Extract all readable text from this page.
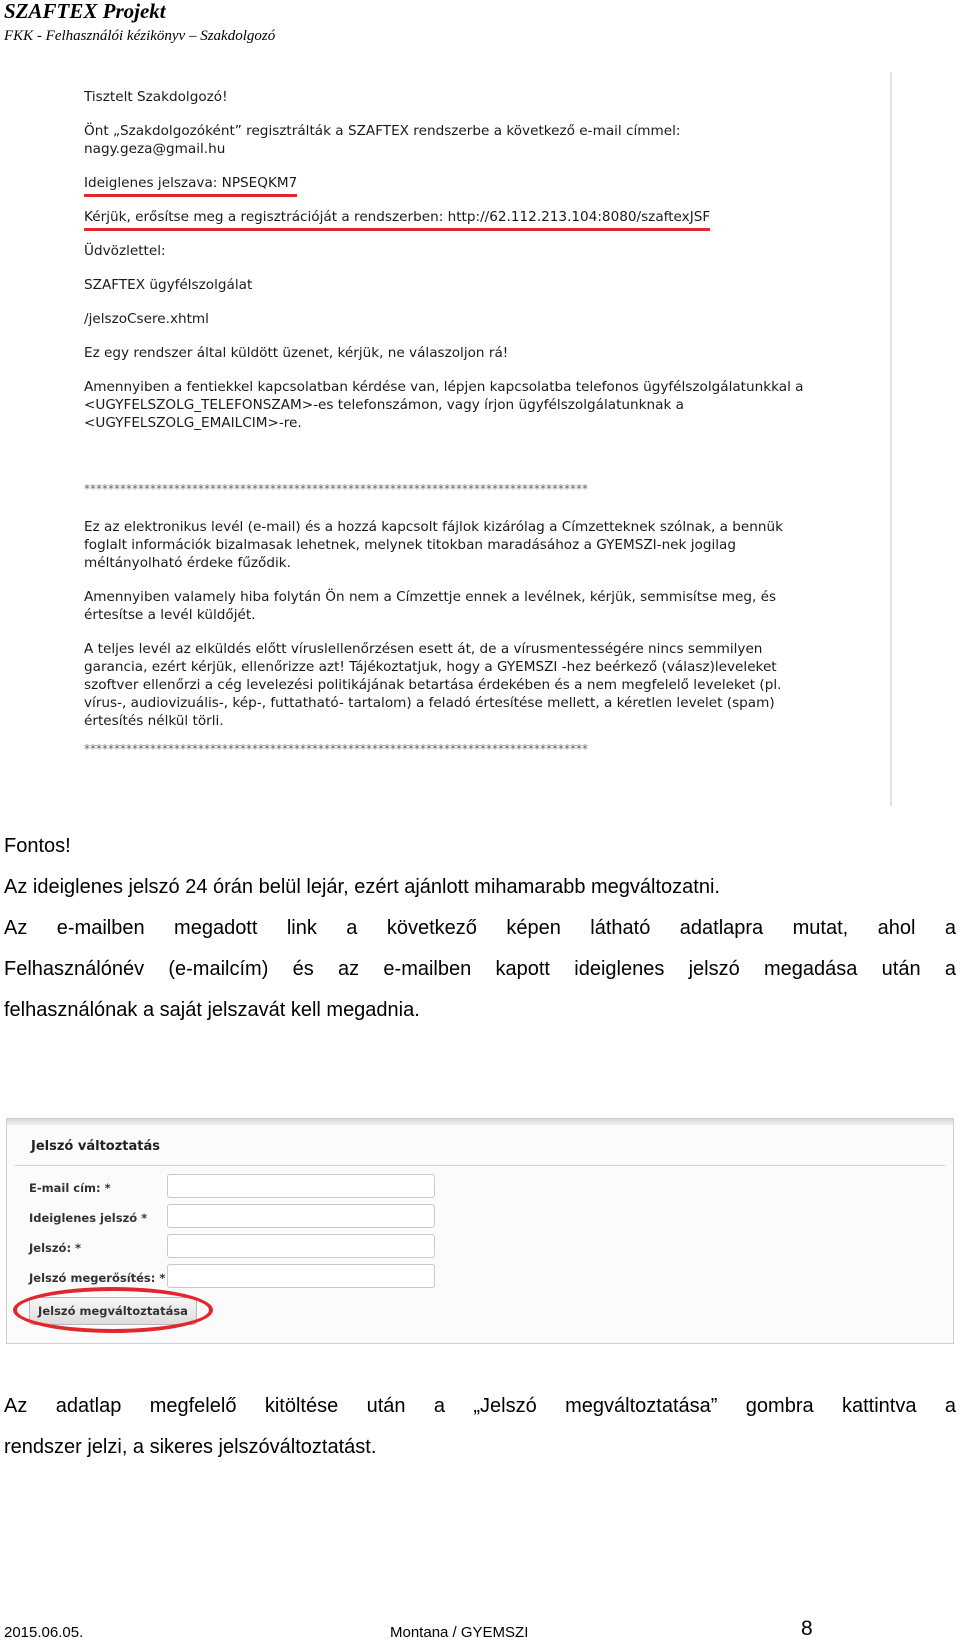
SZAFTEX Projekt
FKK - Felhasználói kézikönyv – Szakdolgozó
Tisztelt Szakdolgozó!
Önt „Szakdolgozóként” regisztrálták a SZAFTEX rendszerbe a következő e-mail címmel:
nagy.geza@gmail.hu
Ideiglenes jelszava: NPSEQKM7
Kérjük, erősítse meg a regisztrációját a rendszerben: http://62.112.213.104:8080/szaftexJSF
Üdvözlettel:
SZAFTEX ügyfélszolgálat
/jelszoCsere.xhtml
Ez egy rendszer által küldött üzenet, kérjük, ne válaszoljon rá!
Amennyiben a fentiekkel kapcsolatban kérdése van, lépjen kapcsolatba telefonos ügyfélszolgálatunkkal a
<UGYFELSZOLG_TELEFONSZAM>-es telefonszámon, vagy írjon ügyfélszolgálatunknak a
<UGYFELSZOLG_EMAILCIM>-re.
************************************************************************************
Ez az elektronikus levél (e-mail) és a hozzá kapcsolt fájlok kizárólag a Címzetteknek szólnak, a bennük
foglalt információk bizalmasak lehetnek, melynek titokban maradásához a GYEMSZI-nek jogilag
méltányolható érdeke fűződik.
Amennyiben valamely hiba folytán Ön nem a Címzettje ennek a levélnek, kérjük, semmisítse meg, és
értesítse a levél küldőjét.
A teljes levél az elküldés előtt víruslellenőrzésen esett át, de a vírusmentességére nincs semmilyen
garancia, ezért kérjük, ellenőrizze azt! Tájékoztatjuk, hogy a GYEMSZI -hez beérkező (válasz)leveleket
szoftver ellenőrzi a cég levelezési politikájának betartása érdekében és a nem megfelelő leveleket (pl.
vírus-, audiovizuális-, kép-, futtatható- tartalom) a feladó értesítése mellett, a kéretlen levelet (spam)
értesítés nélkül törli.
************************************************************************************
Fontos!
Az ideiglenes jelszó 24 órán belül lejár, ezért ajánlott mihamarabb megváltozatni.
Az e-mailben megadott link a következő képen látható adatlapra mutat, ahol a
Felhasználónév (e-mailcím) és az e-mailben kapott ideiglenes jelszó megadása után a
felhasználónak a saját jelszavát kell megadnia.
Jelszó változtatás
E-mail cím: *
Ideiglenes jelszó *
Jelszó: *
Jelszó megerősítés: *
Jelszó megváltoztatása
Az adatlap megfelelő kitöltése után a „Jelszó megváltoztatása” gombra kattintva a
rendszer jelzi, a sikeres jelszóváltoztatást.
2015.06.05.	Montana / GYEMSZI	8
